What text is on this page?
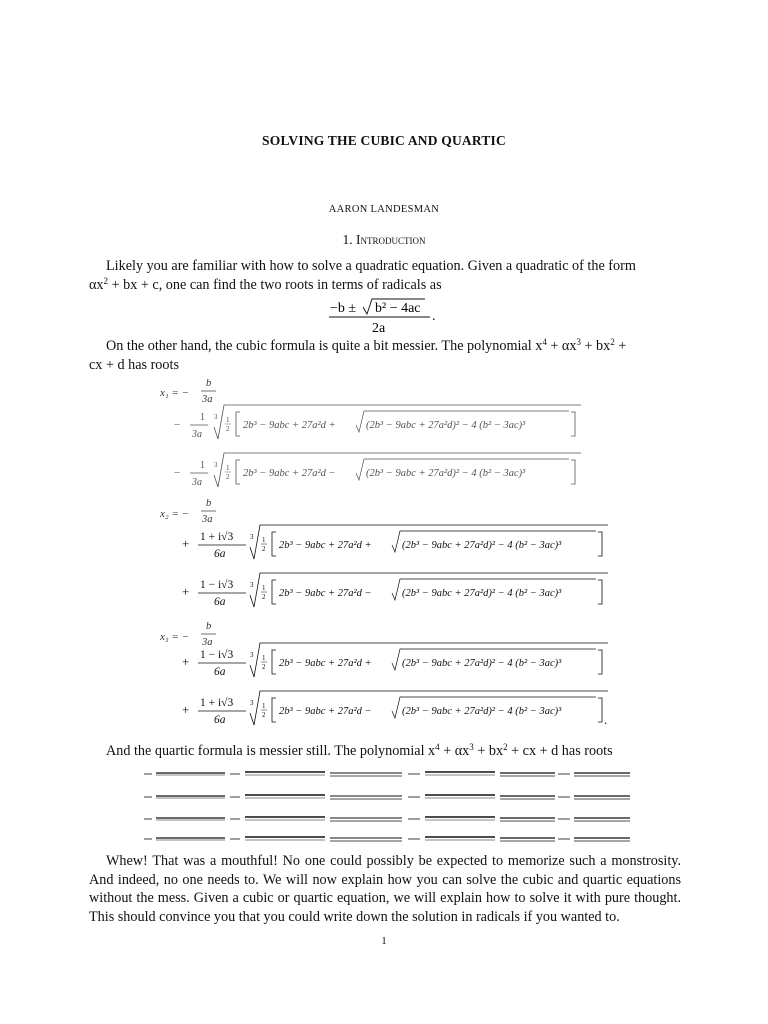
SOLVING THE CUBIC AND QUARTIC
AARON LANDESMAN
1. Introduction
Likely you are familiar with how to solve a quadratic equation. Given a quadratic of the form
$\alpha x^2$ + bx + c, one can find the two roots in terms of radicals as
−b ± b² − 4ac
2a
.
On the other hand, the cubic formula is quite a bit messier. The polynomial $x^4 + \alpha x^3 + bx^2$ +
cx + d has roots
x₁ = −
b
3a
−
1
3a
3 1
2 2b³ − 9abc + 27a²d +	(2b³ − 9abc + 27a²d)² − 4 (b² − 3ac)³
−
1
3a
3 1
2 2b³ − 9abc + 27a²d −	(2b³ − 9abc + 27a²d)² − 4 (b² − 3ac)³
x₂ = −
b
3a
+ 1 + i√3
6a
3 1
2 2b³ − 9abc + 27a²d +	(2b³ − 9abc + 27a²d)² − 4 (b² − 3ac)³
+ 1 − i√3
6a
3 1
2 2b³ − 9abc + 27a²d −	(2b³ − 9abc + 27a²d)² − 4 (b² − 3ac)³
x₃ = −
b
3a
+ 1 − i√3
6a
3 1
2 2b³ − 9abc + 27a²d +	(2b³ − 9abc + 27a²d)² − 4 (b² − 3ac)³
+ 1 + i√3
6a
3 1
2 2b³ − 9abc + 27a²d −	(2b³ − 9abc + 27a²d)² − 4 (b² − 3ac)³
.
And the quartic formula is messier still. The polynomial $x^4 + \alpha x^3 + bx^2$ + cx + d has roots
Whew! That was a mouthful! No one could possibly be expected to memorize such a monstrosity. And indeed, no one needs to. We will now explain how you can solve the cubic and quartic equations without the mess. Given a cubic or quartic equation, we will explain how to solve it with pure thought. This should convince you that you could write down the solution in radicals if you wanted to.
1
